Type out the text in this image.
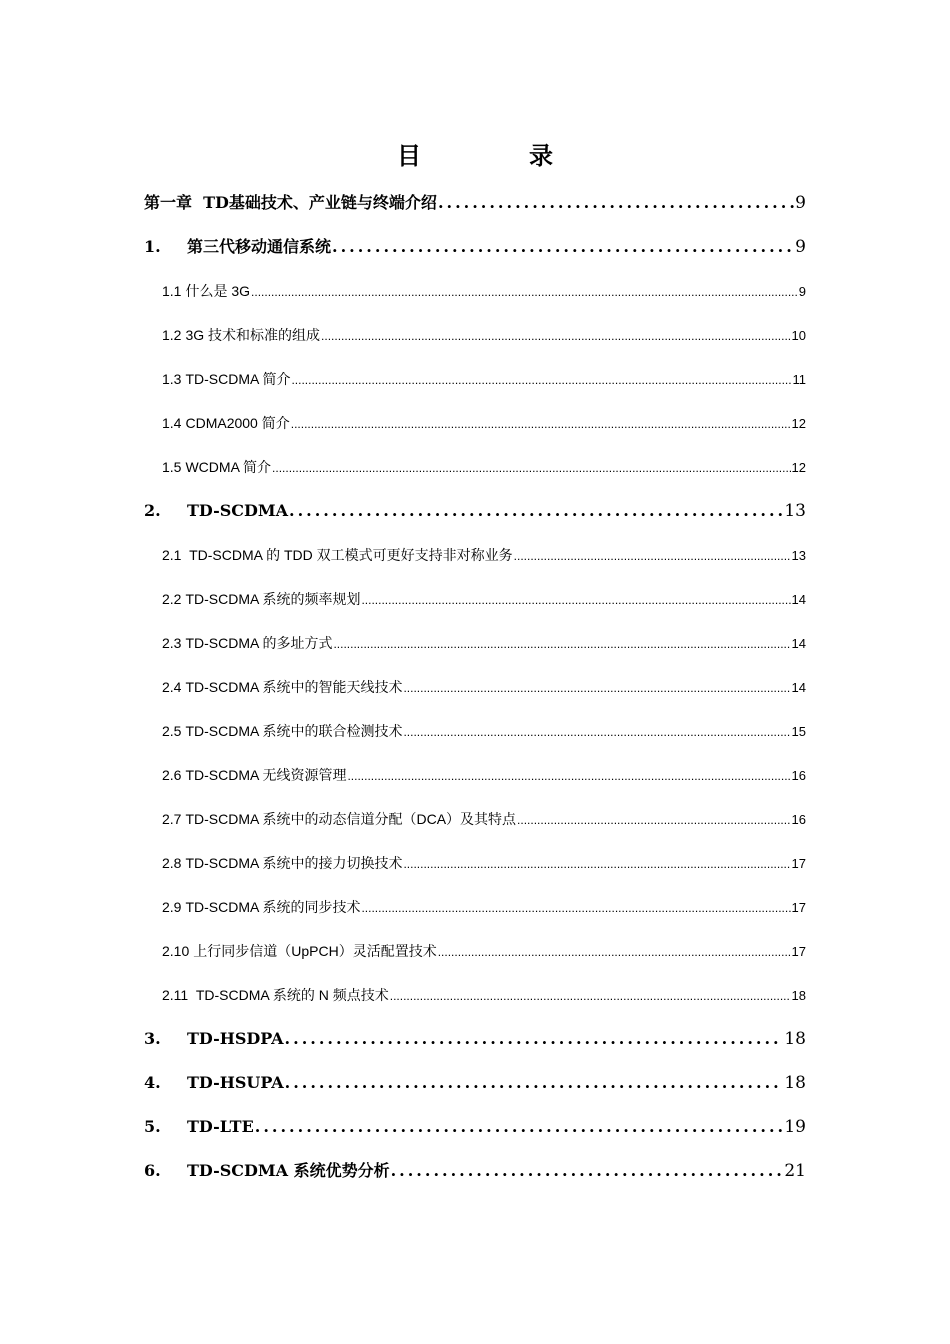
目　录
第一章  TD基础技术、产业链与终端介绍 .....	9
1.	第三代移动通信系统 .....	9
1.1 什么是 3G .....	9
1.2 3G 技术和标准的组成 .....	10
1.3 TD-SCDMA 简介 .....	11
1.4 CDMA2000 简介 .....	12
1.5 WCDMA 简介 .....	12
2.	TD-SCDMA .....	13
2.1 TD-SCDMA 的 TDD 双工模式可更好支持非对称业务 .....	13
2.2 TD-SCDMA 系统的频率规划 .....	14
2.3 TD-SCDMA 的多址方式 .....	14
2.4 TD-SCDMA 系统中的智能天线技术 .....	14
2.5 TD-SCDMA 系统中的联合检测技术 .....	15
2.6 TD-SCDMA 无线资源管理 .....	16
2.7 TD-SCDMA 系统中的动态信道分配（DCA）及其特点 .....	16
2.8 TD-SCDMA 系统中的接力切换技术 .....	17
2.9 TD-SCDMA 系统的同步技术 .....	17
2.10 上行同步信道（UpPCH）灵活配置技术 .....	17
2.11 TD-SCDMA 系统的 N 频点技术 .....	18
3.	TD-HSDPA .....	18
4.	TD-HSUPA .....	18
5.	TD-LTE .....	19
6.	TD-SCDMA 系统优势分析 .....	21
